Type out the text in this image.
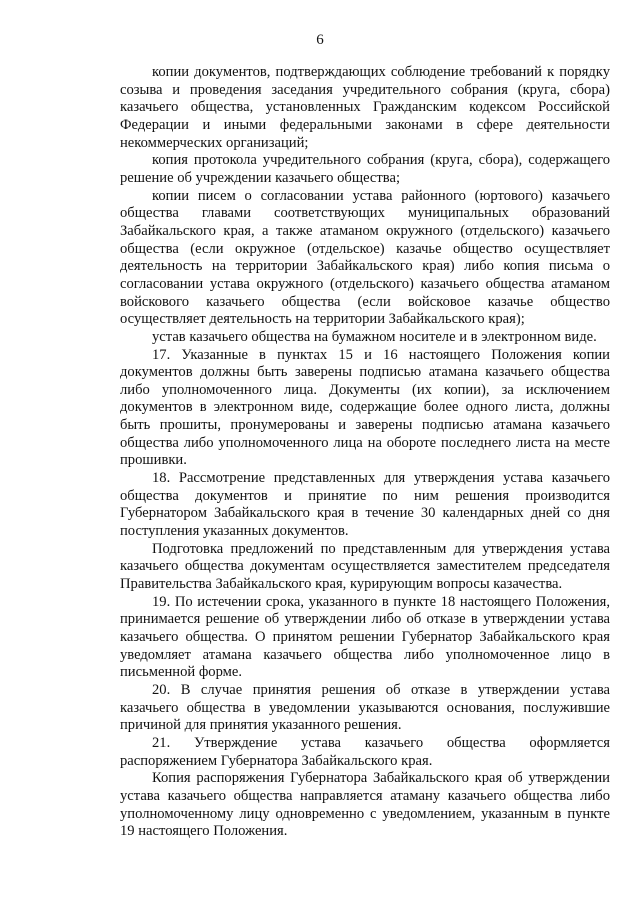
6

копии документов, подтверждающих соблюдение требований к порядку созыва и проведения заседания учредительного собрания (круга, сбора) казачьего общества, установленных Гражданским кодексом Российской Федерации и иными федеральными законами в сфере деятельности некоммерческих организаций;

копия протокола учредительного собрания (круга, сбора), содержащего решение об учреждении казачьего общества;

копии писем о согласовании устава районного (юртового) казачьего общества главами соответствующих муниципальных образований Забайкальского края, а также атаманом окружного (отдельского) казачьего общества (если окружное (отдельское) казачье общество осуществляет деятельность на территории Забайкальского края) либо копия письма о согласовании устава окружного (отдельского) казачьего общества атаманом войскового казачьего общества (если войсковое казачье общество осуществляет деятельность на территории Забайкальского края);

устав казачьего общества на бумажном носителе и в электронном виде.

17. Указанные в пунктах 15 и 16 настоящего Положения копии документов должны быть заверены подписью атамана казачьего общества либо уполномоченного лица. Документы (их копии), за исключением документов в электронном виде, содержащие более одного листа, должны быть прошиты, пронумерованы и заверены подписью атамана казачьего общества либо уполномоченного лица на обороте последнего листа на месте прошивки.

18. Рассмотрение представленных для утверждения устава казачьего общества документов и принятие по ним решения производится Губернатором Забайкальского края в течение 30 календарных дней со дня поступления указанных документов.

Подготовка предложений по представленным для утверждения устава казачьего общества документам осуществляется заместителем председателя Правительства Забайкальского края, курирующим вопросы казачества.

19. По истечении срока, указанного в пункте 18 настоящего Положения, принимается решение об утверждении либо об отказе в утверждении устава казачьего общества. О принятом решении Губернатор Забайкальского края уведомляет атамана казачьего общества либо уполномоченное лицо в письменной форме.

20. В случае принятия решения об отказе в утверждении устава казачьего общества в уведомлении указываются основания, послужившие причиной для принятия указанного решения.

21. Утверждение устава казачьего общества оформляется распоряжением Губернатора Забайкальского края.

Копия распоряжения Губернатора Забайкальского края об утверждении устава казачьего общества направляется атаману казачьего общества либо уполномоченному лицу одновременно с уведомлением, указанным в пункте 19 настоящего Положения.
